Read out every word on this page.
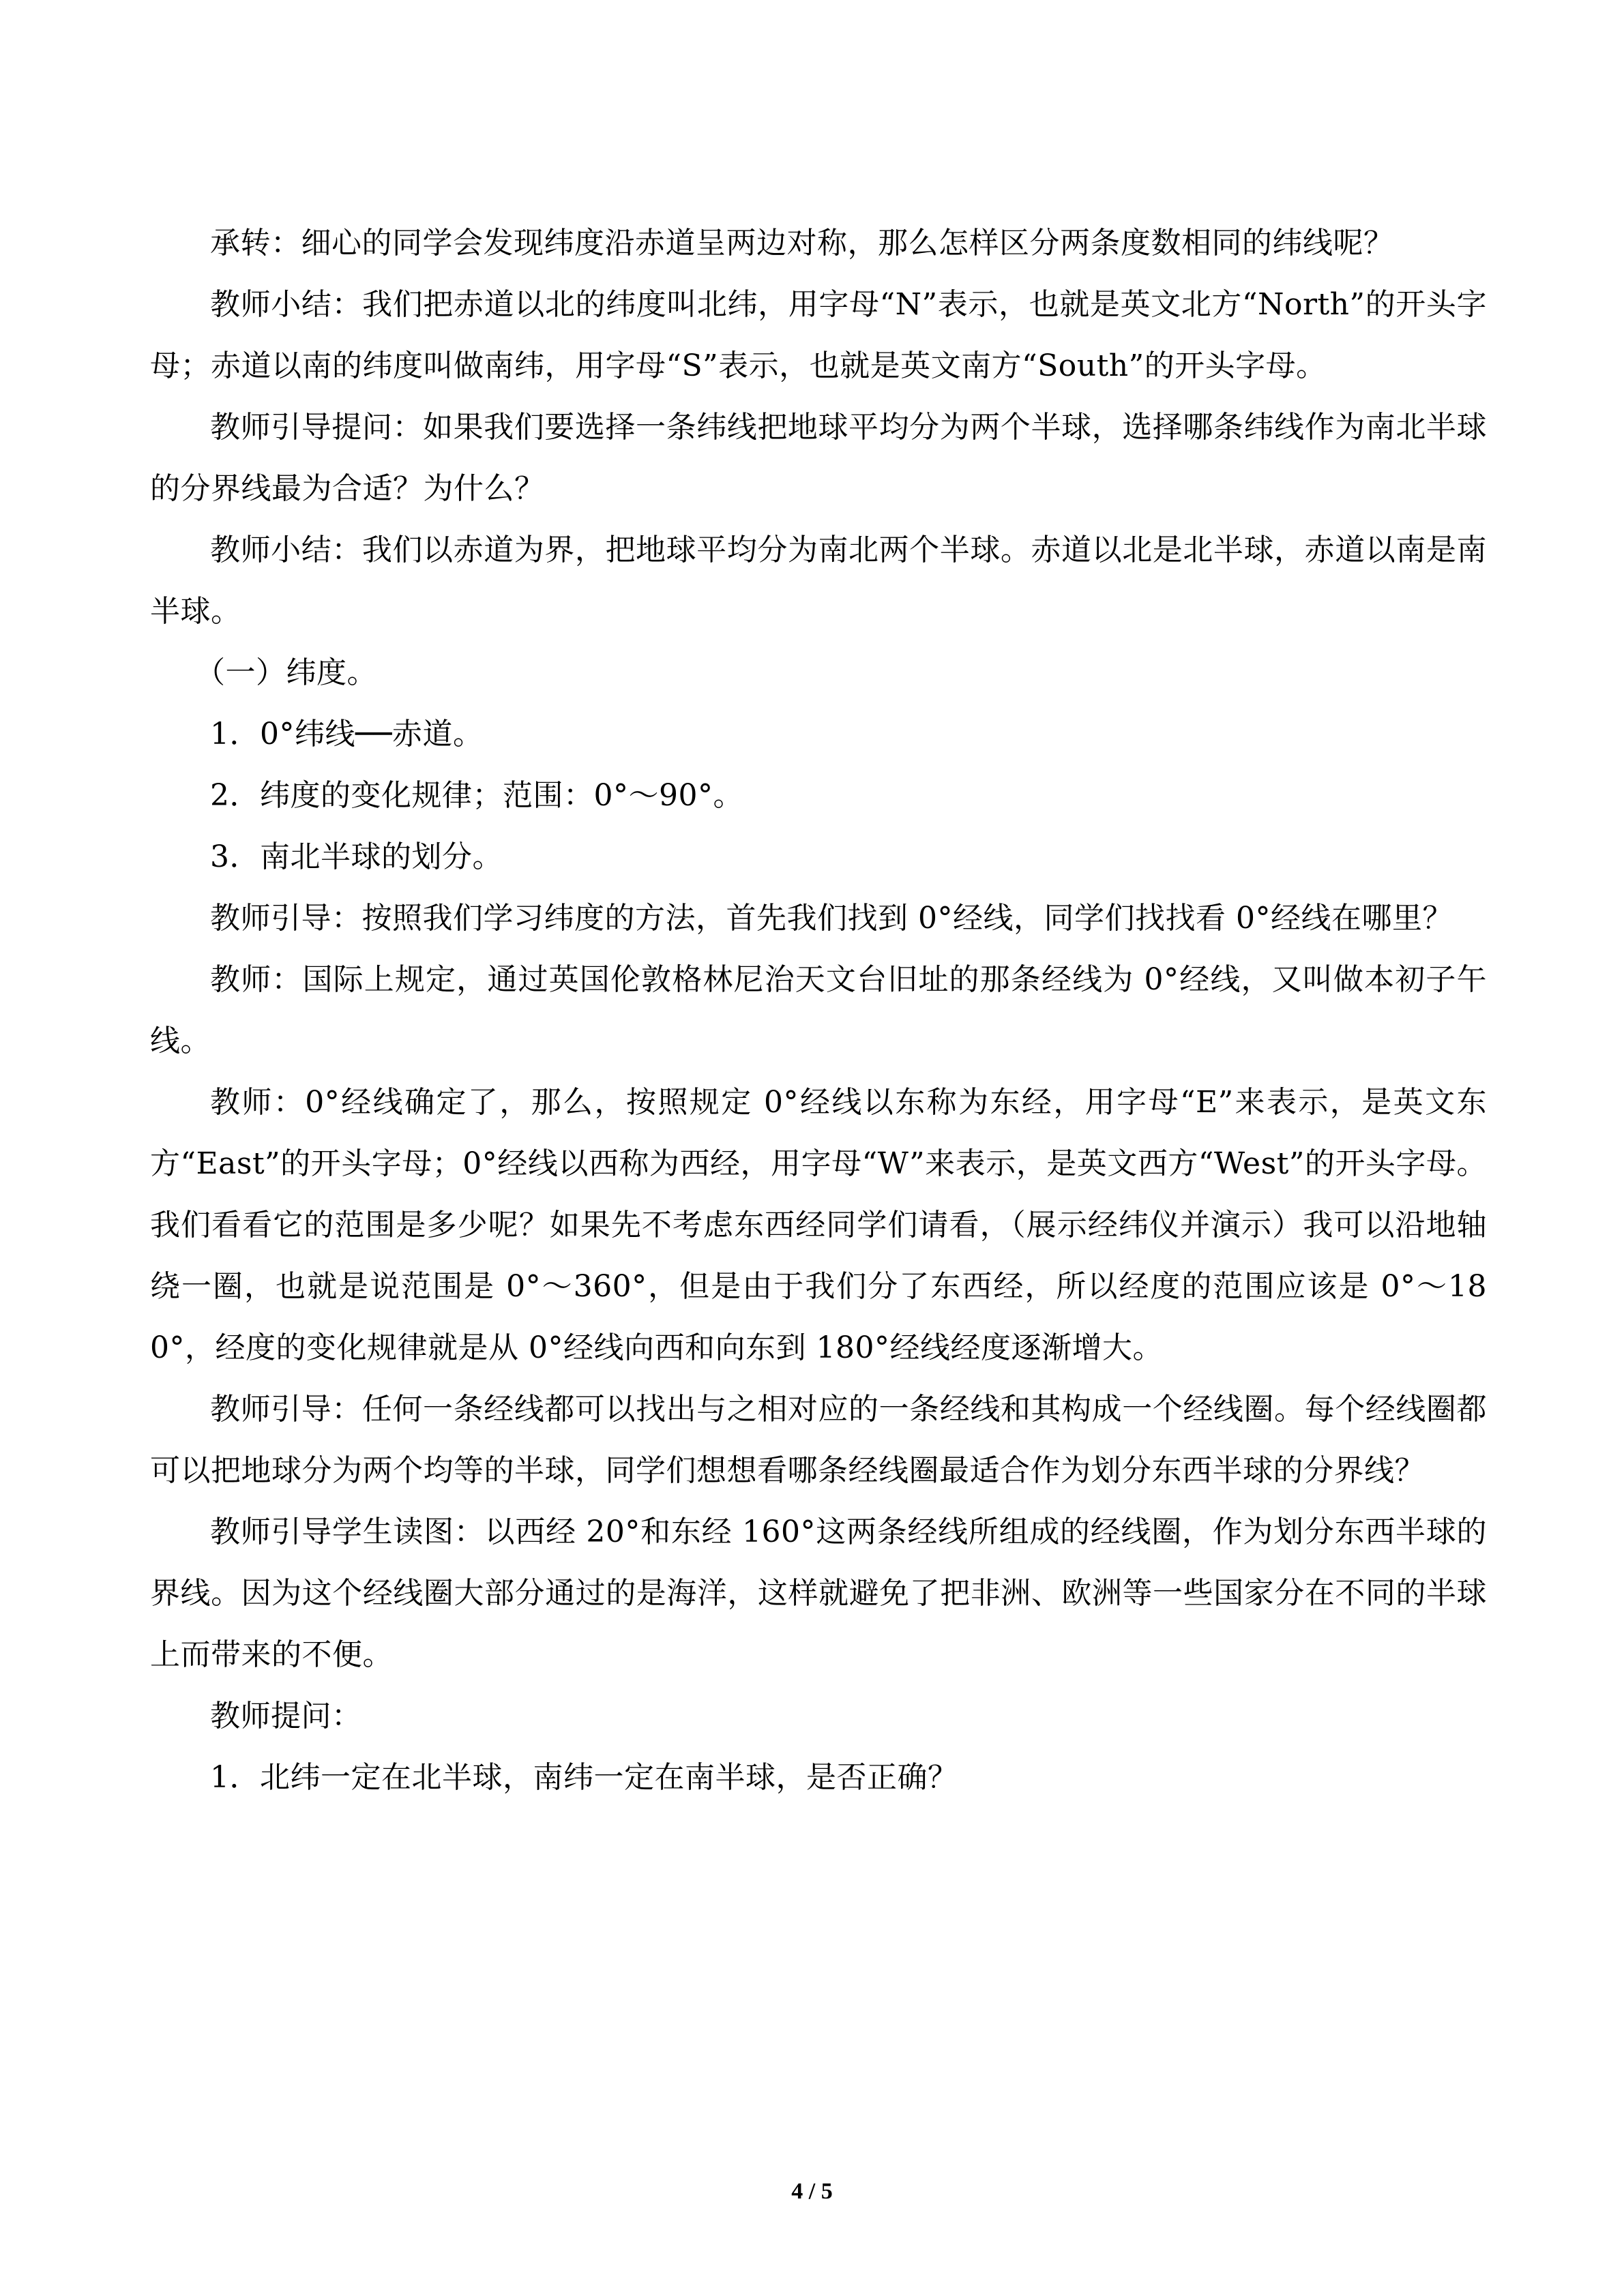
承转：细心的同学会发现纬度沿赤道呈两边对称，那么怎样区分两条度数相同的纬线呢？

教师小结：我们把赤道以北的纬度叫北纬，用字母“N”表示，也就是英文北方“North”的开头字母；赤道以南的纬度叫做南纬，用字母“S”表示，也就是英文南方“South”的开头字母。

教师引导提问：如果我们要选择一条纬线把地球平均分为两个半球，选择哪条纬线作为南北半球的分界线最为合适？为什么？

教师小结：我们以赤道为界，把地球平均分为南北两个半球。赤道以北是北半球，赤道以南是南半球。

（一）纬度。

1．0°纬线──赤道。

2．纬度的变化规律；范围：0°～90°。

3．南北半球的划分。

教师引导：按照我们学习纬度的方法，首先我们找到 0°经线，同学们找找看 0°经线在哪里？

教师：国际上规定，通过英国伦敦格林尼治天文台旧址的那条经线为 0°经线，又叫做本初子午线。

教师：0°经线确定了，那么，按照规定 0°经线以东称为东经，用字母“E”来表示，是英文东方“East”的开头字母；0°经线以西称为西经，用字母“W”来表示，是英文西方“West”的开头字母。我们看看它的范围是多少呢？如果先不考虑东西经同学们请看，（展示经纬仪并演示）我可以沿地轴绕一圈，也就是说范围是 0°～360°，但是由于我们分了东西经，所以经度的范围应该是 0°～180°，经度的变化规律就是从 0°经线向西和向东到 180°经线经度逐渐增大。

教师引导：任何一条经线都可以找出与之相对应的一条经线和其构成一个经线圈。每个经线圈都可以把地球分为两个均等的半球，同学们想想看哪条经线圈最适合作为划分东西半球的分界线？

教师引导学生读图：以西经 20°和东经 160°这两条经线所组成的经线圈，作为划分东西半球的界线。因为这个经线圈大部分通过的是海洋，这样就避免了把非洲、欧洲等一些国家分在不同的半球上而带来的不便。

教师提问：

1．北纬一定在北半球，南纬一定在南半球，是否正确？

4 / 5
